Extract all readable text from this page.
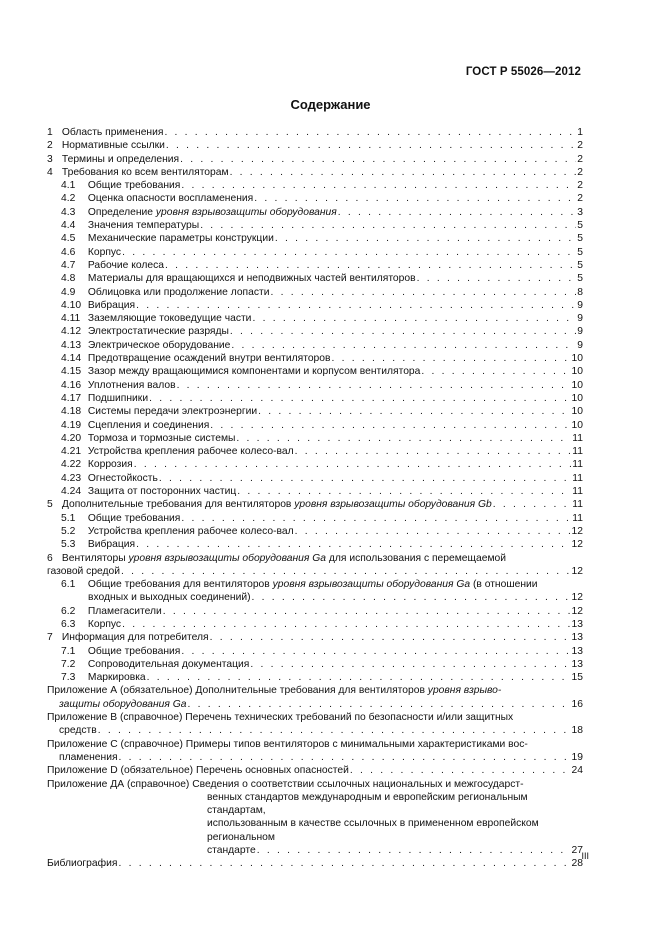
ГОСТ Р 55026—2012
Содержание
1 Область применения . . .	1
2 Нормативные ссылки . . .	2
3 Термины и определения . . .	2
4 Требования ко всем вентиляторам . . .	2
4.1 Общие требования . . .	2
4.2 Оценка опасности воспламенения . . .	2
4.3 Определение уровня взрывозащиты оборудования . . .	3
4.4 Значения температуры . . .	5
4.5 Механические параметры конструкции . . .	5
4.6 Корпус . . .	5
4.7 Рабочие колеса . . .	5
4.8 Материалы для вращающихся и неподвижных частей вентиляторов . . .	5
4.9 Облицовка или продолжение лопасти . . .	8
4.10 Вибрация . . .	9
4.11 Заземляющие токоведущие части . . .	9
4.12 Электростатические разряды . . .	9
4.13 Электрическое оборудование . . .	9
4.14 Предотвращение осаждений внутри вентиляторов . . .	10
4.15 Зазор между вращающимися компонентами и корпусом вентилятора . . .	10
4.16 Уплотнения валов . . .	10
4.17 Подшипники . . .	10
4.18 Системы передачи электроэнергии . . .	10
4.19 Сцепления и соединения . . .	10
4.20 Тормоза и тормозные системы . . .	11
4.21 Устройства крепления рабочее колесо-вал . . .	11
4.22 Коррозия . . .	11
4.23 Огнестойкость . . .	11
4.24 Защита от посторонних частиц . . .	11
5 Дополнительные требования для вентиляторов уровня взрывозащиты оборудования Gb . . .	11
5.1 Общие требования . . .	11
5.2 Устройства крепления рабочее колесо-вал . . .	12
5.3 Вибрация . . .	12
6 Вентиляторы уровня взрывозащиты оборудования Ga для использования с перемещаемой
газовой средой . . .	12
6.1 Общие требования для вентиляторов уровня взрывозащиты оборудования Ga (в отношении
входных и выходных соединений) . . .	12
6.2 Пламегасители . . .	12
6.3 Корпус . . .	13
7 Информация для потребителя . . .	13
7.1 Общие требования . . .	13
7.2 Сопроводительная документация . . .	13
7.3 Маркировка . . .	15
Приложение А (обязательное) Дополнительные требования для вентиляторов уровня взрыво-
защиты оборудования Ga . . .	16
Приложение В (справочное) Перечень технических требований по безопасности и/или защитных
средств . . .	18
Приложение С (справочное) Примеры типов вентиляторов с минимальными характеристиками вос-
пламенения . . .	19
Приложение D (обязательное) Перечень основных опасностей . . .	24
Приложение ДА (справочное) Сведения о соответствии ссылочных национальных и межгосударст-
венных стандартов международным и европейским региональным стандартам,
использованным в качестве ссылочных в примененном европейском региональном
стандарте . . .	27
Библиография . . .	28
III
